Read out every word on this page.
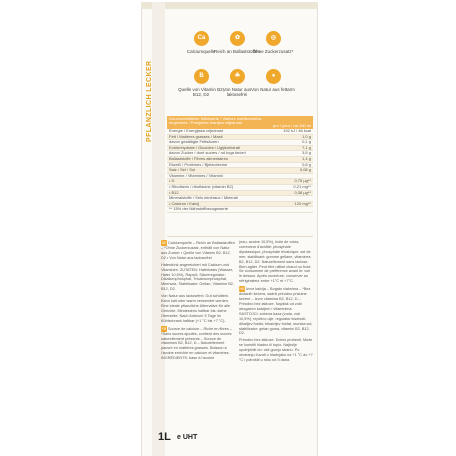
PFLANZLICH LECKER
Ca
Calciumquelle
✿
Reich an Ballaststoffen
◎
Ohne Zuckerzusatz*
B
Quelle von Vitamin B2, B12, D2
☘
Von Natur aus laktosefrei
●
Von Natur aus fettarm
Durchschnittliche Nährwerte / Valeurs nutritionnelles moyennes / Prosječna hranjiva vrijednost	pro / pour / na 100 ml
Energie / Energijska vrijednost	192 kJ / 46 kcal
Fett / Matières grasses / Masti	1,0 g
davon gesättigte Fettsäuren	0,1 g
Kohlenhydrate / Glucides / Ugljikohidrati	7,1 g
davon Zucker / dont sucres / od toga šećeri	3,5 g
Ballaststoffe / Fibres alimentaires	1,4 g
Eiweiß / Protéines / Bjelančevine	0,8 g
Salz / Sel / Sol	0,08 g
Vitamine / Vitamines / Vitamini
• D	0,75 µg**
• Riboflavin / riboflavine (vitamin B2)	0,21 mg**
• B12	0,38 µg**
Mineralstoffe / Sels minéraux / Minerali
• Calcium / Kalcij	120 mg**
** 15% der Nährstoffbezugswerte
DE Calciumquelle – Reich an Ballaststoffen – *Ohne Zuckerzusatz, enthält von Natur aus Zucker • Quelle von Vitamin B2, B12, D2 • Von Natur aus lactosefrei
Haferdrink angereichert mit Calcium und Vitaminen. ZUTATEN: Haferbasis (Wasser, Hafer 10,5%), Rapsöl, Säureregulator: Dikaliumphosphat, Tricalciumphosphat, Meersalz, Stabilisator: Gellan, Vitamine B2, B12, D2.
Von Natur aus lactosefrei. Gut schütteln. Kann kalt oder warm verwendet werden. Eine ideale pflanzliche Alternative für alle Gerichte. Mindestens haltbar bis: siehe Oberseite. Nach Anbruch 5 Tage im Kühlschrank haltbar (+1 °C bis +7 °C).
FR Source de calcium – Riche en fibres – *Sans sucres ajoutés, contient des sucres naturellement présents – Source de vitamines B2, B12, D – Naturellement pauvre en matières grasses. Boisson à l'avoine enrichie en calcium et vitamines. INGRÉDIENTS: base à l'avoine
(eau, avoine 10,5%), huile de colza, correcteur d'acidité: phosphate dipotassique, phosphate tricalcique, sel de mer, stabilisant: gomme gellane, vitamines B2, B12, D2. Naturellement sans lactose. Bien agiter. Peut être utilisé chaud ou froid. Se consomme de préférence avant le: voir le dessus. Après ouverture, conserver au réfrigérateur entre +1°C et +7°C.
HRIzvor kalcija – Bogato vlaknima – *Bez dodanih šećera, sadrži prirodno prisutne šećere – Izvor vitamina B2, B12, D – Prirodno bez laktoze. Napitak od zobi obogaćen kalcijem i vitaminima. SASTOJCI: zobena baza (voda, zob 10,5%), repičino ulje, regulator kiselosti: dikalijev fosfat, trikalcijev fosfat, morska sol, stabilizator: gelan guma, vitamini B2, B12, D2.
Prirodno bez laktoze. Dobro protresti. Može se koristiti hladno ili toplo. Najbolje upotrijebiti do: vidi gornju stranu. Po otvaranju čuvati u hladnjaku na +1 °C do +7 °C i potrošiti u roku od 5 dana.
1L e UHT
